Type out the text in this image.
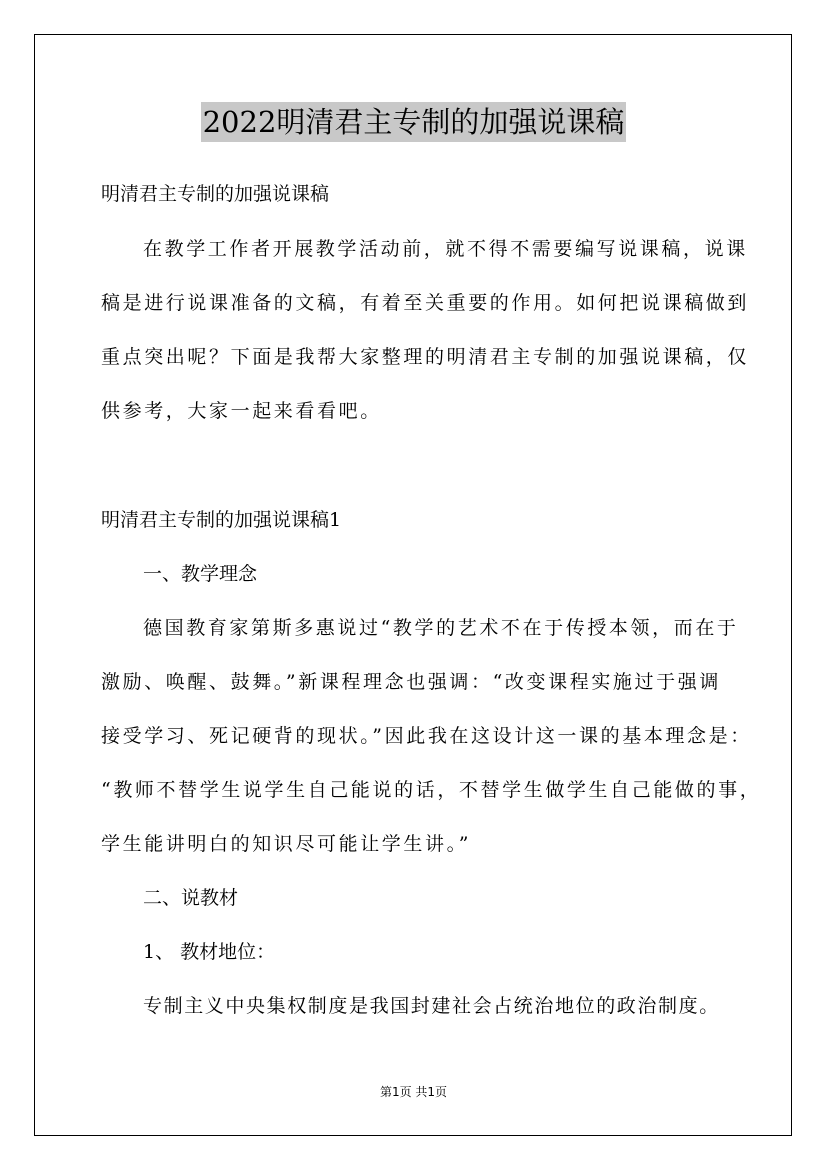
2022明清君主专制的加强说课稿
明清君主专制的加强说课稿
在教学工作者开展教学活动前，就不得不需要编写说课稿，说课
稿是进行说课准备的文稿，有着至关重要的作用。如何把说课稿做到
重点突出呢？下面是我帮大家整理的明清君主专制的加强说课稿，仅
供参考，大家一起来看看吧。
明清君主专制的加强说课稿1
一、教学理念
德国教育家第斯多惠说过“教学的艺术不在于传授本领，而在于
激励、唤醒、鼓舞。”新课程理念也强调：“改变课程实施过于强调
接受学习、死记硬背的现状。”因此我在这设计这一课的基本理念是：
“教师不替学生说学生自己能说的话，不替学生做学生自己能做的事，
学生能讲明白的知识尽可能让学生讲。”
二、说教材
1、 教材地位：
专制主义中央集权制度是我国封建社会占统治地位的政治制度。
第1页 共1页
